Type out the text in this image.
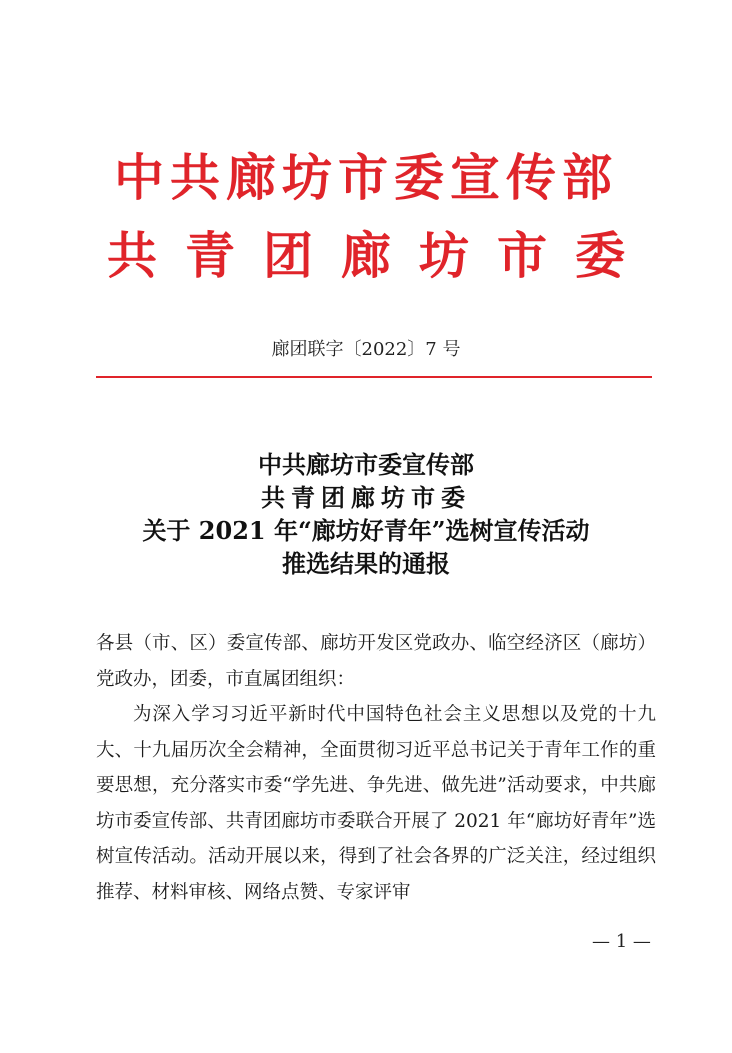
中共廊坊市委宣传部
共青团廊坊市委
廊团联字〔2022〕7 号
中共廊坊市委宣传部
共青团廊坊市委
关于 2021 年“廊坊好青年”选树宣传活动
推选结果的通报
各县（市、区）委宣传部、廊坊开发区党政办、临空经济区（廊坊）党政办，团委，市直属团组织：
为深入学习习近平新时代中国特色社会主义思想以及党的十九大、十九届历次全会精神，全面贯彻习近平总书记关于青年工作的重要思想，充分落实市委“学先进、争先进、做先进”活动要求，中共廊坊市委宣传部、共青团廊坊市委联合开展了 2021 年“廊坊好青年”选树宣传活动。活动开展以来，得到了社会各界的广泛关注，经过组织推荐、材料审核、网络点赞、专家评审
— 1 —
